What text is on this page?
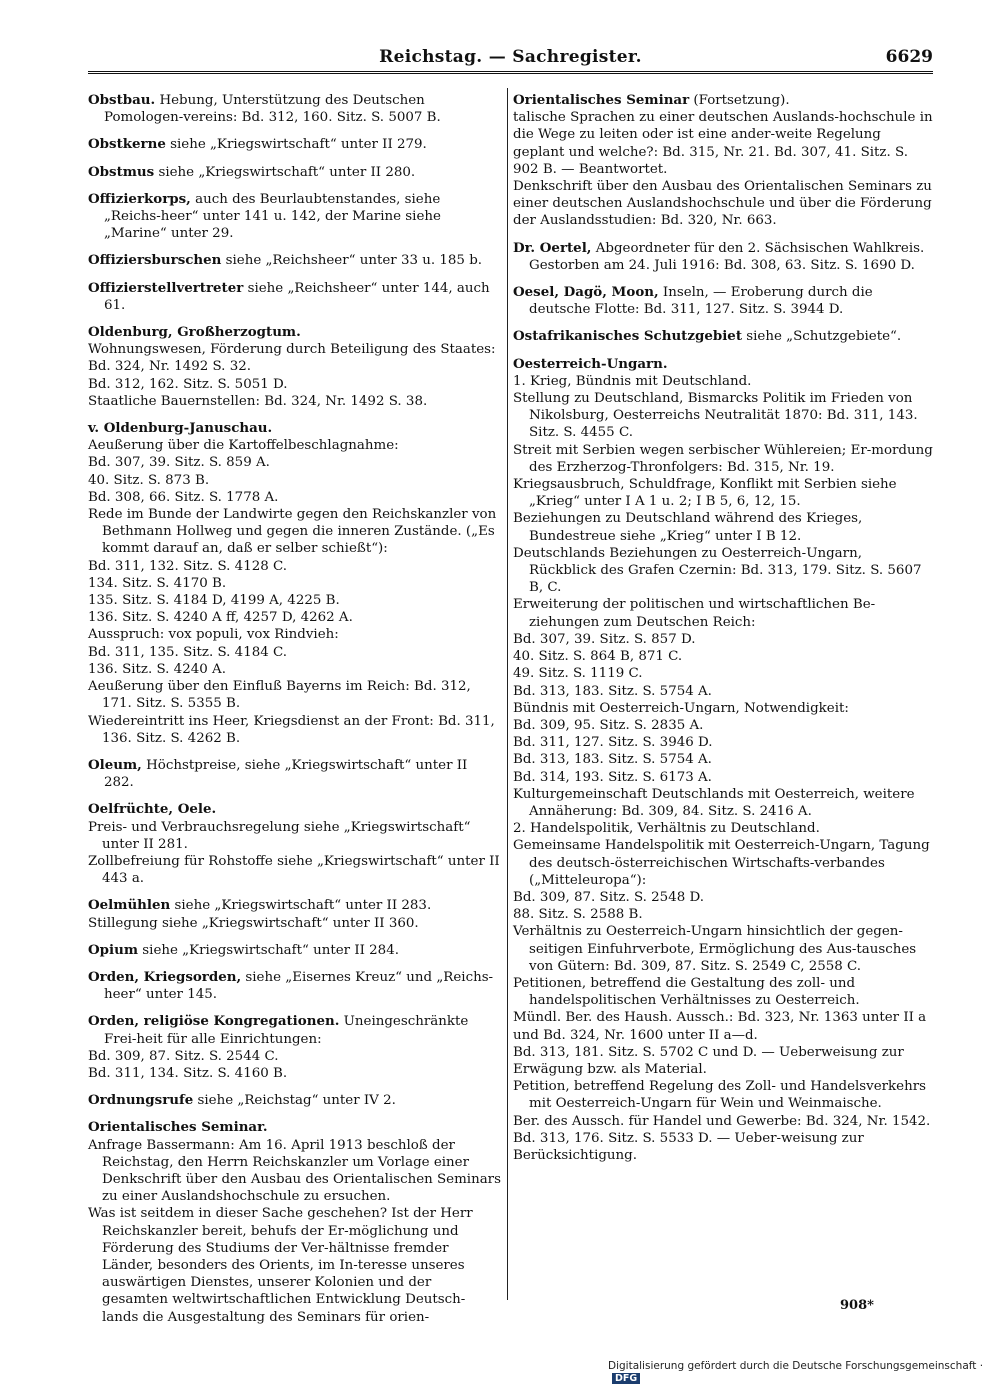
Reichstag. — Sachregister.	6629

Obstbau. Hebung, Unterstützung des Deutschen Pomologen-vereins: Bd. 312, 160. Sitz. S. 5007 B.

Obstkerne siehe „Kriegswirtschaft“ unter II 279.

Obstmus siehe „Kriegswirtschaft“ unter II 280.

Offizierkorps, auch des Beurlaubtenstandes, siehe „Reichs-heer“ unter 141 u. 142, der Marine siehe „Marine“ unter 29.

Offiziersburschen siehe „Reichsheer“ unter 33 u. 185 b.

Offizierstellvertreter siehe „Reichsheer“ unter 144, auch 61.

Oldenburg, Großherzogtum.

Wohnungswesen, Förderung durch Beteiligung des Staates:

Bd. 324, Nr. 1492 S. 32.

Bd. 312, 162. Sitz. S. 5051 D.

Staatliche Bauernstellen: Bd. 324, Nr. 1492 S. 38.

v. Oldenburg-Januschau.

Aeußerung über die Kartoffelbeschlagnahme:

Bd. 307, 39. Sitz. S. 859 A.

40. Sitz. S. 873 B.

Bd. 308, 66. Sitz. S. 1778 A.

Rede im Bunde der Landwirte gegen den Reichskanzler von Bethmann Hollweg und gegen die inneren Zustände. („Es kommt darauf an, daß er selber schießt“):

Bd. 311, 132. Sitz. S. 4128 C.

134. Sitz. S. 4170 B.

135. Sitz. S. 4184 D, 4199 A, 4225 B.

136. Sitz. S. 4240 A ff, 4257 D, 4262 A.

Ausspruch: vox populi, vox Rindvieh:

Bd. 311, 135. Sitz. S. 4184 C.

136. Sitz. S. 4240 A.

Aeußerung über den Einfluß Bayerns im Reich: Bd. 312, 171. Sitz. S. 5355 B.

Wiedereintritt ins Heer, Kriegsdienst an der Front: Bd. 311, 136. Sitz. S. 4262 B.

Oleum, Höchstpreise, siehe „Kriegswirtschaft“ unter II 282.

Oelfrüchte, Oele.

Preis- und Verbrauchsregelung siehe „Kriegswirtschaft“ unter II 281.

Zollbefreiung für Rohstoffe siehe „Kriegswirtschaft“ unter II 443 a.

Oelmühlen siehe „Kriegswirtschaft“ unter II 283.

Stillegung siehe „Kriegswirtschaft“ unter II 360.

Opium siehe „Kriegswirtschaft“ unter II 284.

Orden, Kriegsorden, siehe „Eisernes Kreuz“ und „Reichs-heer“ unter 145.

Orden, religiöse Kongregationen. Uneingeschränkte Frei-heit für alle Einrichtungen:

Bd. 309, 87. Sitz. S. 2544 C.

Bd. 311, 134. Sitz. S. 4160 B.

Ordnungsrufe siehe „Reichstag“ unter IV 2.

Orientalisches Seminar.

Anfrage Bassermann: Am 16. April 1913 beschloß der Reichstag, den Herrn Reichskanzler um Vorlage einer Denkschrift über den Ausbau des Orientalischen Seminars zu einer Auslandshochschule zu ersuchen.

Was ist seitdem in dieser Sache geschehen? Ist der Herr Reichskanzler bereit, behufs der Er-möglichung und Förderung des Studiums der Ver-hältnisse fremder Länder, besonders des Orients, im In-teresse unseres auswärtigen Dienstes, unserer Kolonien und der gesamten weltwirtschaftlichen Entwicklung Deutsch-lands die Ausgestaltung des Seminars für orien-

Orientalisches Seminar (Fortsetzung).

talische Sprachen zu einer deutschen Auslands-hochschule in die Wege zu leiten oder ist eine ander-weite Regelung geplant und welche?: Bd. 315, Nr. 21. Bd. 307, 41. Sitz. S. 902 B. — Beantwortet.

Denkschrift über den Ausbau des Orientalischen Seminars zu einer deutschen Auslandshochschule und über die Förderung der Auslandsstudien: Bd. 320, Nr. 663.

Dr. Oertel, Abgeordneter für den 2. Sächsischen Wahlkreis. Gestorben am 24. Juli 1916: Bd. 308, 63. Sitz. S. 1690 D.

Oesel, Dagö, Moon, Inseln, — Eroberung durch die deutsche Flotte: Bd. 311, 127. Sitz. S. 3944 D.

Ostafrikanisches Schutzgebiet siehe „Schutzgebiete“.

Oesterreich-Ungarn.

1. Krieg, Bündnis mit Deutschland.

Stellung zu Deutschland, Bismarcks Politik im Frieden von Nikolsburg, Oesterreichs Neutralität 1870: Bd. 311, 143. Sitz. S. 4455 C.

Streit mit Serbien wegen serbischer Wühlereien; Er-mordung des Erzherzog-Thronfolgers: Bd. 315, Nr. 19.

Kriegsausbruch, Schuldfrage, Konflikt mit Serbien siehe „Krieg“ unter I A 1 u. 2; I B 5, 6, 12, 15.

Beziehungen zu Deutschland während des Krieges, Bundestreue siehe „Krieg“ unter I B 12.

Deutschlands Beziehungen zu Oesterreich-Ungarn, Rückblick des Grafen Czernin: Bd. 313, 179. Sitz. S. 5607 B, C.

Erweiterung der politischen und wirtschaftlichen Be-ziehungen zum Deutschen Reich:

Bd. 307, 39. Sitz. S. 857 D.

40. Sitz. S. 864 B, 871 C.

49. Sitz. S. 1119 C.

Bd. 313, 183. Sitz. S. 5754 A.

Bündnis mit Oesterreich-Ungarn, Notwendigkeit:

Bd. 309, 95. Sitz. S. 2835 A.

Bd. 311, 127. Sitz. S. 3946 D.

Bd. 313, 183. Sitz. S. 5754 A.

Bd. 314, 193. Sitz. S. 6173 A.

Kulturgemeinschaft Deutschlands mit Oesterreich, weitere Annäherung: Bd. 309, 84. Sitz. S. 2416 A.

2. Handelspolitik, Verhältnis zu Deutschland.

Gemeinsame Handelspolitik mit Oesterreich-Ungarn, Tagung des deutsch-österreichischen Wirtschafts-verbandes („Mitteleuropa“):

Bd. 309, 87. Sitz. S. 2548 D.

88. Sitz. S. 2588 B.

Verhältnis zu Oesterreich-Ungarn hinsichtlich der gegen-seitigen Einfuhrverbote, Ermöglichung des Aus-tausches von Gütern: Bd. 309, 87. Sitz. S. 2549 C, 2558 C.

Petitionen, betreffend die Gestaltung des zoll- und handelspolitischen Verhältnisses zu Oesterreich.

Mündl. Ber. des Haush. Aussch.: Bd. 323, Nr. 1363 unter II a und Bd. 324, Nr. 1600 unter II a—d.

Bd. 313, 181. Sitz. S. 5702 C und D. — Ueberweisung zur Erwägung bzw. als Material.

Petition, betreffend Regelung des Zoll- und Handelsverkehrs mit Oesterreich-Ungarn für Wein und Weinmaische.

Ber. des Aussch. für Handel und Gewerbe: Bd. 324, Nr. 1542.

Bd. 313, 176. Sitz. S. 5533 D. — Ueber-weisung zur Berücksichtigung.

908*
Digitalisierung gefördert durch die Deutsche Forschungsgemeinschaft ·DFG
